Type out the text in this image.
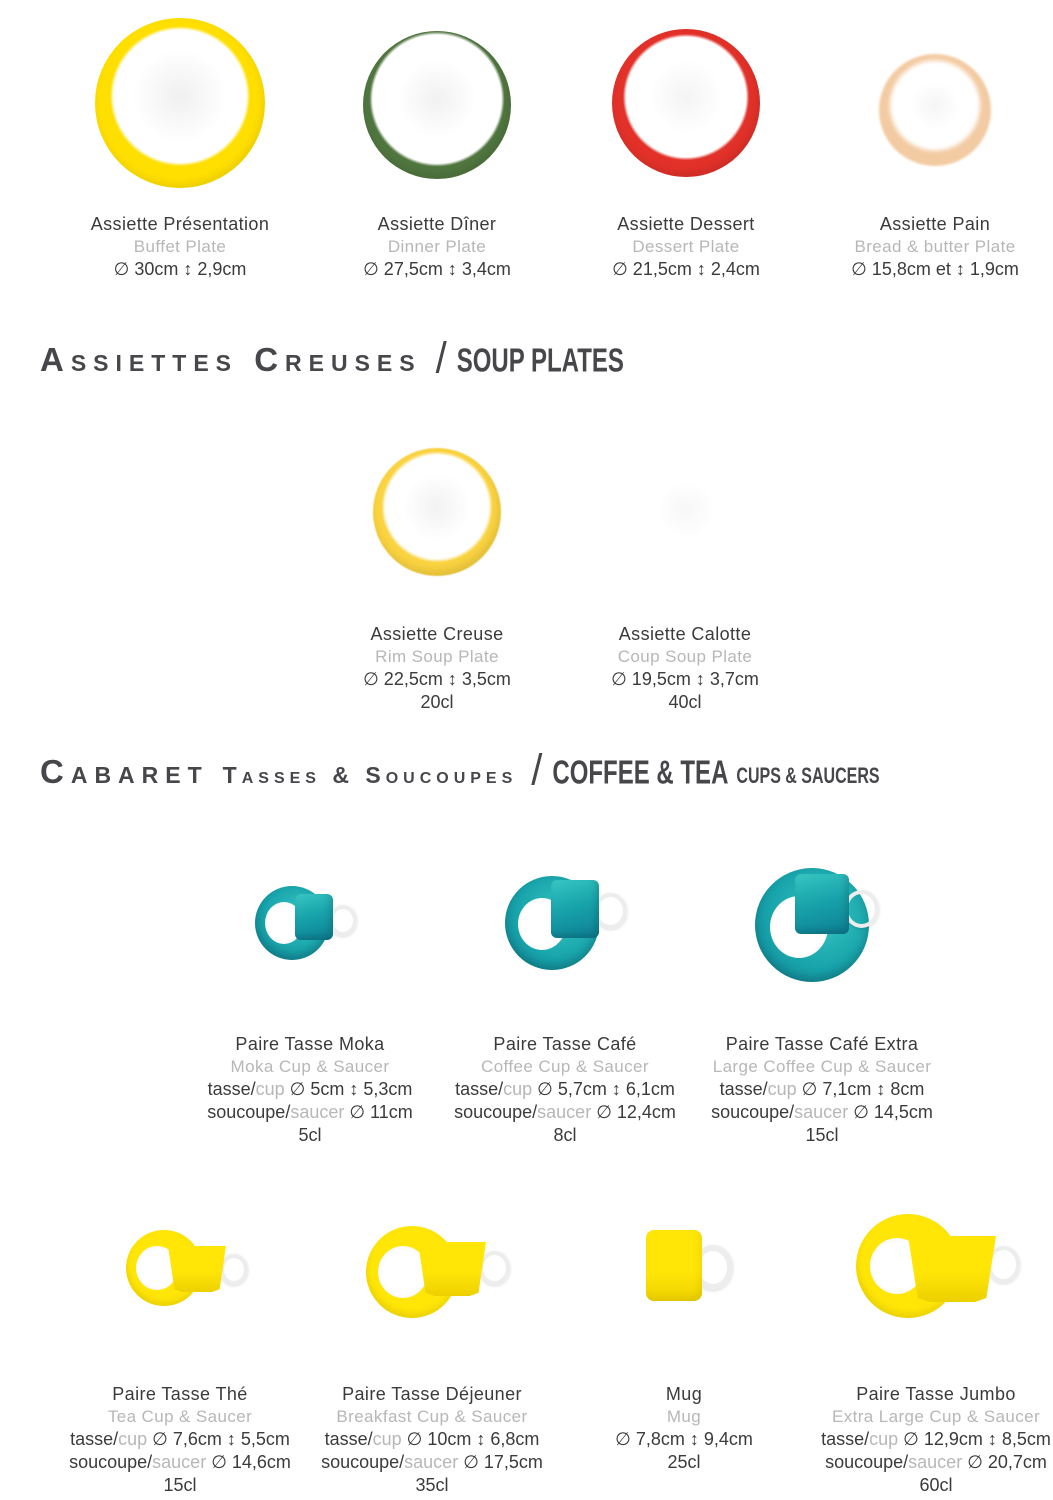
Assiette Présentation
Buffet Plate
∅ 30cm ↕ 2,9cm
Assiette Dîner
Dinner Plate
∅ 27,5cm ↕ 3,4cm
Assiette Dessert
Dessert Plate
∅ 21,5cm ↕ 2,4cm
Assiette Pain
Bread & butter Plate
∅ 15,8cm et ↕ 1,9cm
Assiettes Creuses / SOUP PLATES
Assiette Creuse
Rim Soup Plate
∅ 22,5cm ↕ 3,5cm
20cl
Assiette Calotte
Coup Soup Plate
∅ 19,5cm ↕ 3,7cm
40cl
Cabaret Tasses & Soucoupes / COFFEE & TEA CUPS & SAUCERS
Paire Tasse Moka
Moka Cup & Saucer
tasse/cup ∅ 5cm ↕ 5,3cm
soucoupe/saucer ∅ 11cm
5cl
Paire Tasse Café
Coffee Cup & Saucer
tasse/cup ∅ 5,7cm ↕ 6,1cm
soucoupe/saucer ∅ 12,4cm
8cl
Paire Tasse Café Extra
Large Coffee Cup & Saucer
tasse/cup ∅ 7,1cm ↕ 8cm
soucoupe/saucer ∅ 14,5cm
15cl
Paire Tasse Thé
Tea Cup & Saucer
tasse/cup ∅ 7,6cm ↕ 5,5cm
soucoupe/saucer ∅ 14,6cm
15cl
Paire Tasse Déjeuner
Breakfast Cup & Saucer
tasse/cup ∅ 10cm ↕ 6,8cm
soucoupe/saucer ∅ 17,5cm
35cl
Mug
Mug
∅ 7,8cm ↕ 9,4cm
25cl
Paire Tasse Jumbo
Extra Large Cup & Saucer
tasse/cup ∅ 12,9cm ↕ 8,5cm
soucoupe/saucer ∅ 20,7cm
60cl
